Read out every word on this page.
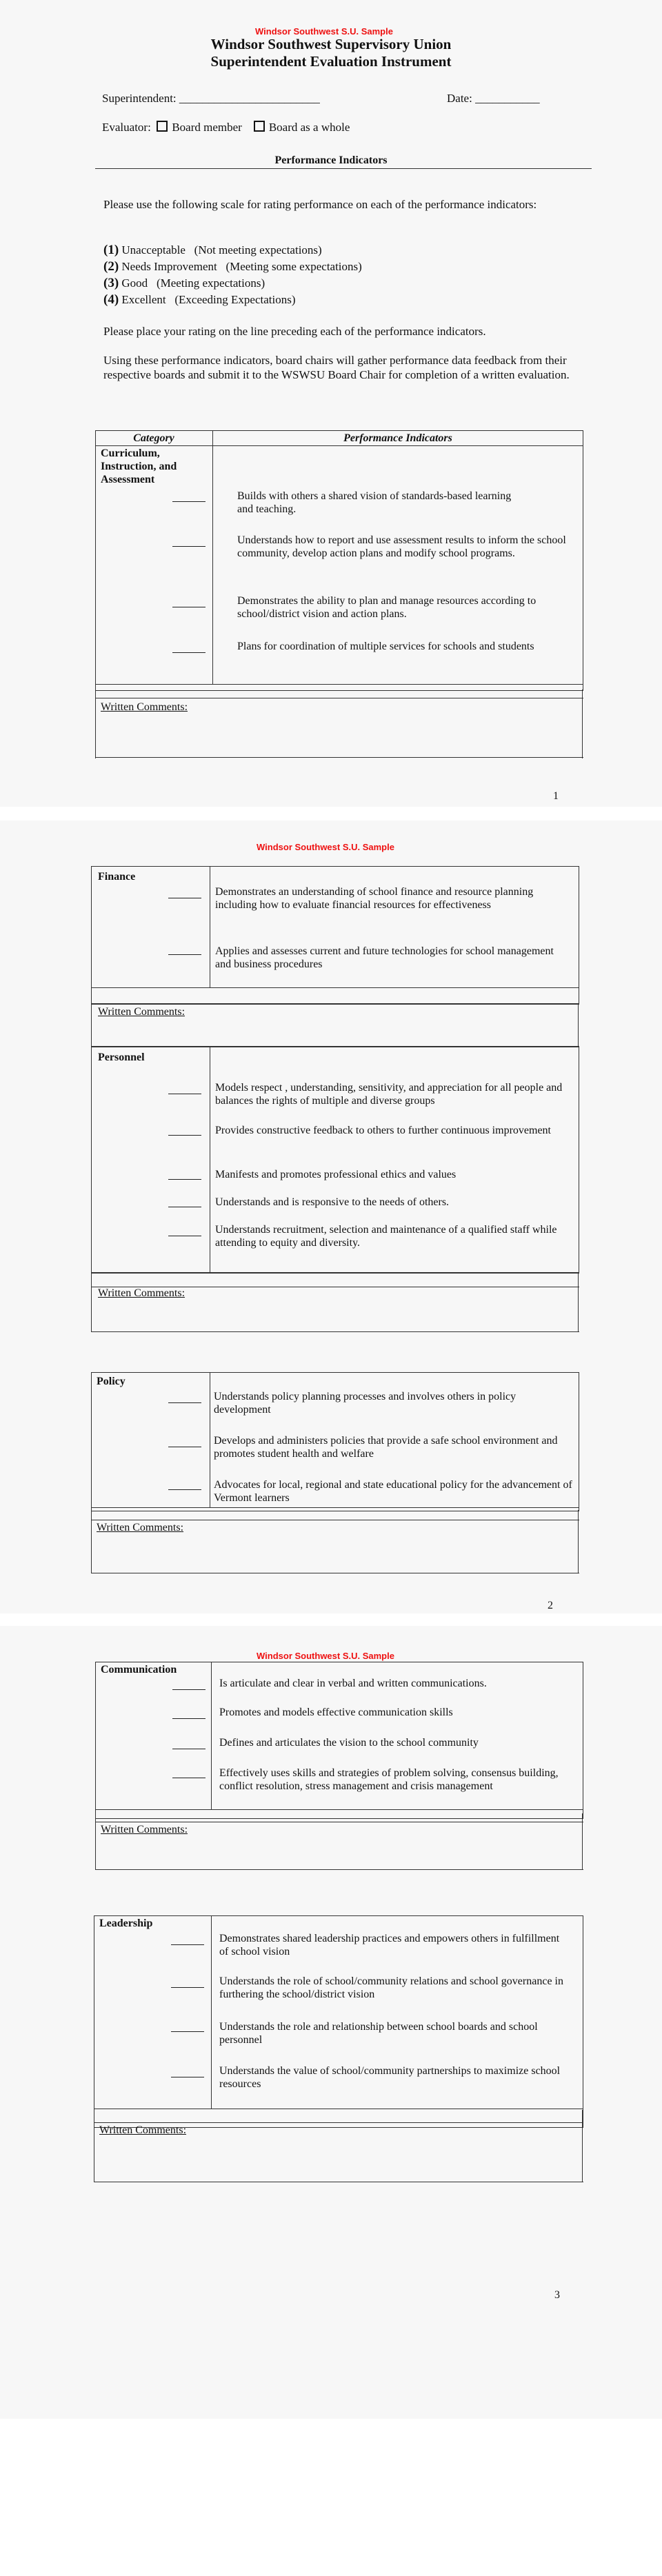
Windsor Southwest S.U. Sample
Windsor Southwest Supervisory Union
Superintendent Evaluation Instrument
Superintendent: ________________________	Date: ___________
Evaluator: Board member Board as a whole
Performance Indicators
Please use the following scale for rating performance on each of the performance indicators:
(1) Unacceptable (Not meeting expectations)
(2) Needs Improvement (Meeting some expectations)
(3) Good (Meeting expectations)
(4) Excellent (Exceeding Expectations)
Please place your rating on the line preceding each of the performance indicators.
Using these performance indicators, board chairs will gather performance data feedback from their respective boards and submit it to the WSWSU Board Chair for completion of a written evaluation.
Category	Performance Indicators
Curriculum, Instruction, and Assessment
Builds with others a shared vision of standards-based learning and teaching.
Understands how to report and use assessment results to inform the school community, develop action plans and modify school programs.
Demonstrates the ability to plan and manage resources according to school/district vision and action plans.
Plans for coordination of multiple services for schools and students
Written Comments:
1
Windsor Southwest S.U. Sample
Finance
Demonstrates an understanding of school finance and resource planning including how to evaluate financial resources for effectiveness
Applies and assesses current and future technologies for school management and business procedures
Written Comments:
Personnel
Models respect , understanding, sensitivity, and appreciation for all people and balances the rights of multiple and diverse groups
Provides constructive feedback to others to further continuous improvement
Manifests and promotes professional ethics and values
Understands and is responsive to the needs of others.
Understands recruitment, selection and maintenance of a qualified staff while attending to equity and diversity.
Written Comments:
Policy
Understands policy planning processes and involves others in policy development
Develops and administers policies that provide a safe school environment and promotes student health and welfare
Advocates for local, regional and state educational policy for the advancement of Vermont learners
Written Comments:
2
Windsor Southwest S.U. Sample
Communication
Is articulate and clear in verbal and written communications.
Promotes and models effective communication skills
Defines and articulates the vision to the school community
Effectively uses skills and strategies of problem solving, consensus building, conflict resolution, stress management and crisis management
Written Comments:
Leadership
Demonstrates shared leadership practices and empowers others in fulfillment of school vision
Understands the role of school/community relations and school governance in furthering the school/district vision
Understands the role and relationship between school boards and school personnel
Understands the value of school/community partnerships to maximize school resources
Written Comments:
3
